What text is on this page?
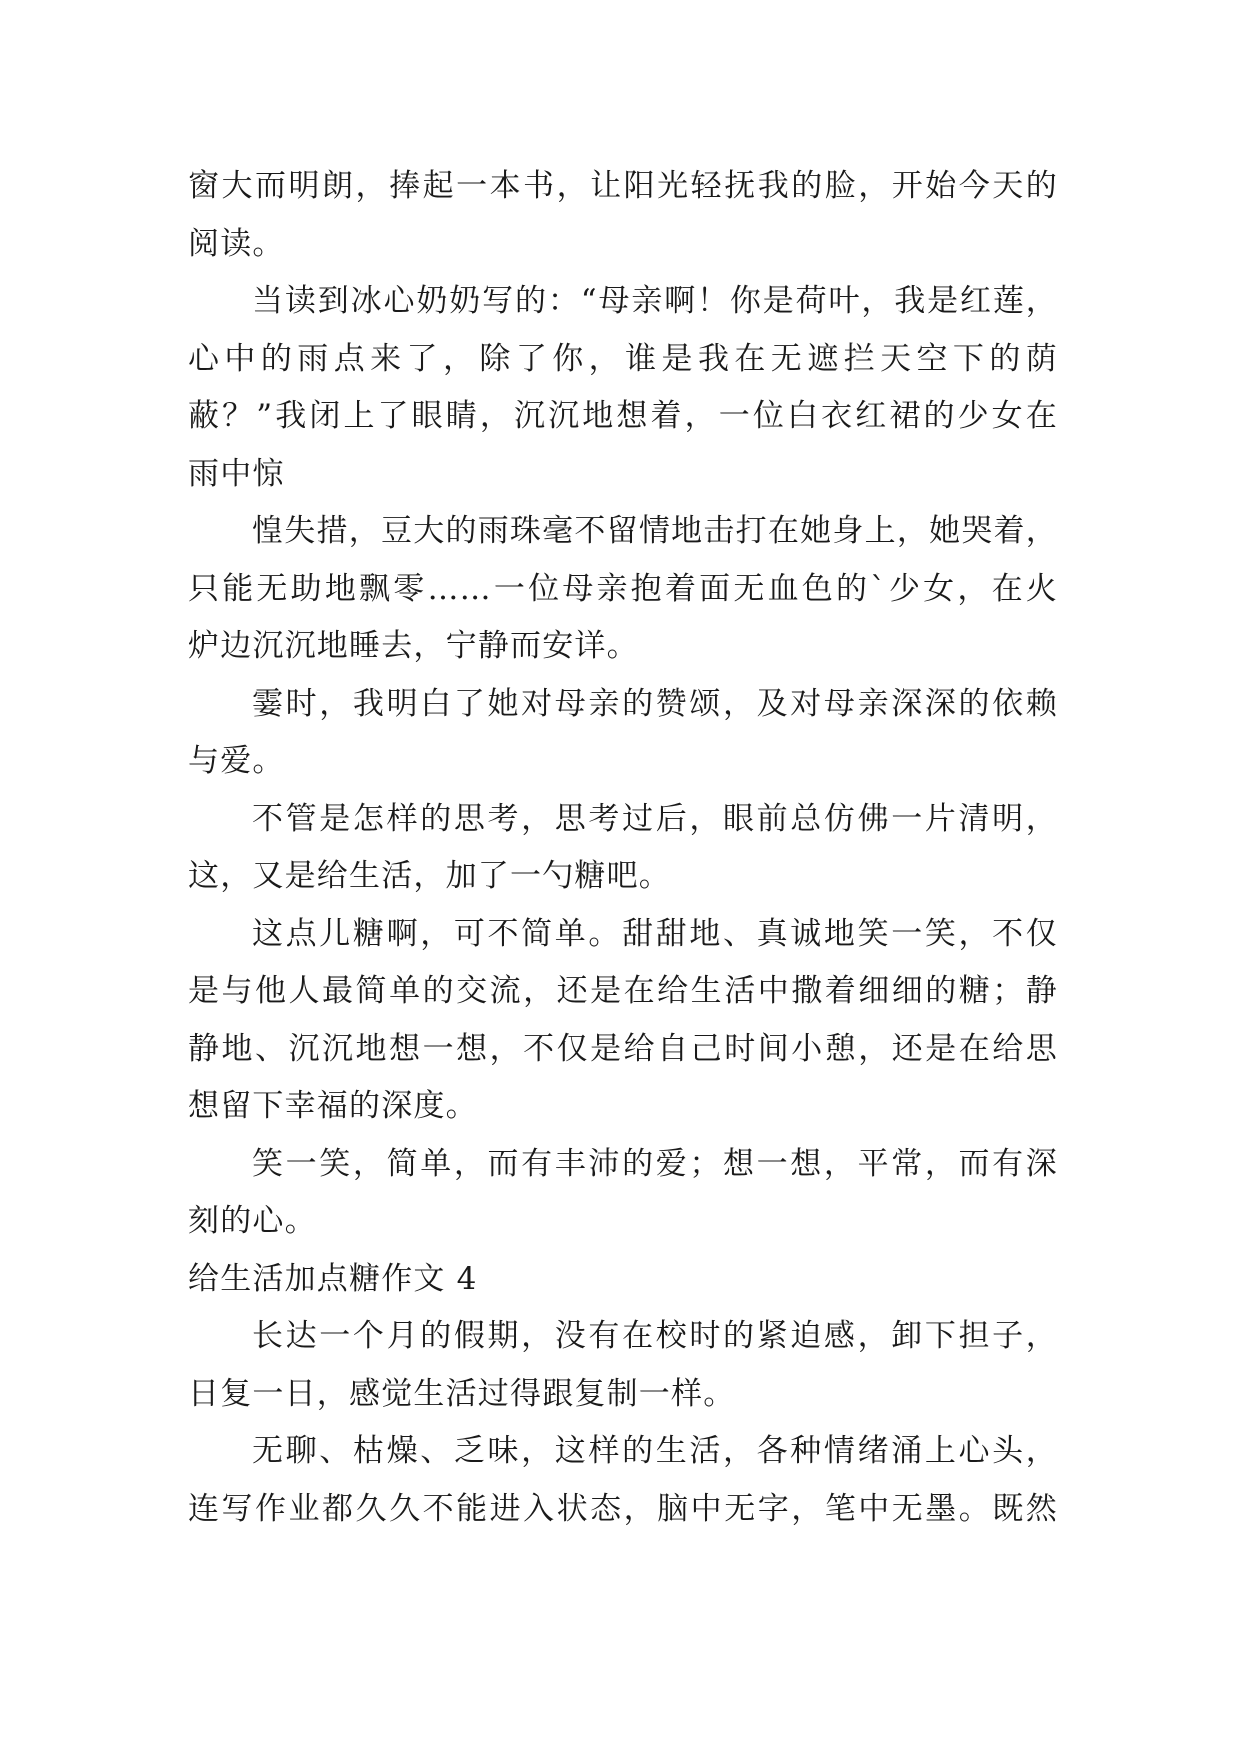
窗大而明朗，捧起一本书，让阳光轻抚我的脸，开始今天的
阅读。
当读到冰心奶奶写的：“母亲啊！你是荷叶，我是红莲，
心中的雨点来了，除了你，谁是我在无遮拦天空下的荫
蔽？”我闭上了眼睛，沉沉地想着，一位白衣红裙的少女在
雨中惊
惶失措，豆大的雨珠毫不留情地击打在她身上，她哭着，
只能无助地飘零……一位母亲抱着面无血色的`少女，在火
炉边沉沉地睡去，宁静而安详。
霎时，我明白了她对母亲的赞颂，及对母亲深深的依赖
与爱。
不管是怎样的思考，思考过后，眼前总仿佛一片清明，
这，又是给生活，加了一勺糖吧。
这点儿糖啊，可不简单。甜甜地、真诚地笑一笑，不仅
是与他人最简单的交流，还是在给生活中撒着细细的糖；静
静地、沉沉地想一想，不仅是给自己时间小憩，还是在给思
想留下幸福的深度。
笑一笑，简单，而有丰沛的爱；想一想，平常，而有深
刻的心。
给生活加点糖作文 4
长达一个月的假期，没有在校时的紧迫感，卸下担子，
日复一日，感觉生活过得跟复制一样。
无聊、枯燥、乏味，这样的生活，各种情绪涌上心头，
连写作业都久久不能进入状态，脑中无字，笔中无墨。既然
